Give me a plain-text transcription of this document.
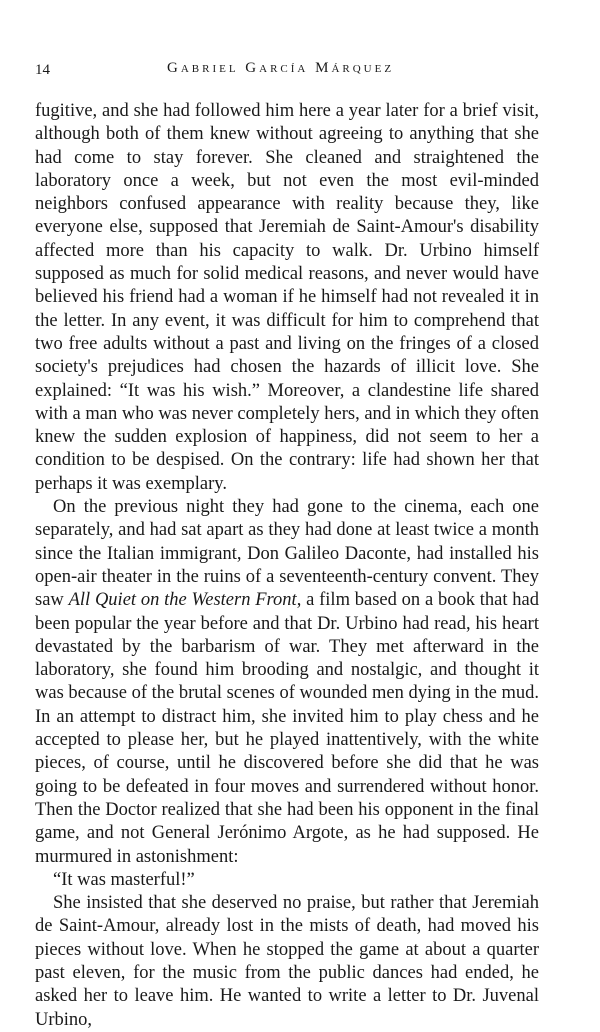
14	Gabriel García Márquez

fugitive, and she had followed him here a year later for a brief visit, although both of them knew without agreeing to anything that she had come to stay forever. She cleaned and straightened the laboratory once a week, but not even the most evil-minded neighbors confused appearance with reality because they, like everyone else, supposed that Jeremiah de Saint-Amour's disability affected more than his capacity to walk. Dr. Urbino himself supposed as much for solid medical reasons, and never would have believed his friend had a woman if he himself had not revealed it in the letter. In any event, it was difficult for him to comprehend that two free adults without a past and living on the fringes of a closed society's prejudices had chosen the hazards of illicit love. She explained: “It was his wish.” Moreover, a clandestine life shared with a man who was never completely hers, and in which they often knew the sudden explosion of happiness, did not seem to her a condition to be despised. On the contrary: life had shown her that perhaps it was exemplary.

On the previous night they had gone to the cinema, each one separately, and had sat apart as they had done at least twice a month since the Italian immigrant, Don Galileo Daconte, had installed his open-air theater in the ruins of a seventeenth-century convent. They saw All Quiet on the Western Front, a film based on a book that had been popular the year before and that Dr. Urbino had read, his heart devastated by the barbarism of war. They met afterward in the laboratory, she found him brooding and nostalgic, and thought it was because of the brutal scenes of wounded men dying in the mud. In an attempt to distract him, she invited him to play chess and he accepted to please her, but he played inattentively, with the white pieces, of course, until he discovered before she did that he was going to be defeated in four moves and surrendered without honor. Then the Doctor realized that she had been his opponent in the final game, and not General Jerónimo Argote, as he had supposed. He murmured in astonishment:

“It was masterful!”

She insisted that she deserved no praise, but rather that Jeremiah de Saint-Amour, already lost in the mists of death, had moved his pieces without love. When he stopped the game at about a quarter past eleven, for the music from the public dances had ended, he asked her to leave him. He wanted to write a letter to Dr. Juvenal Urbino,
